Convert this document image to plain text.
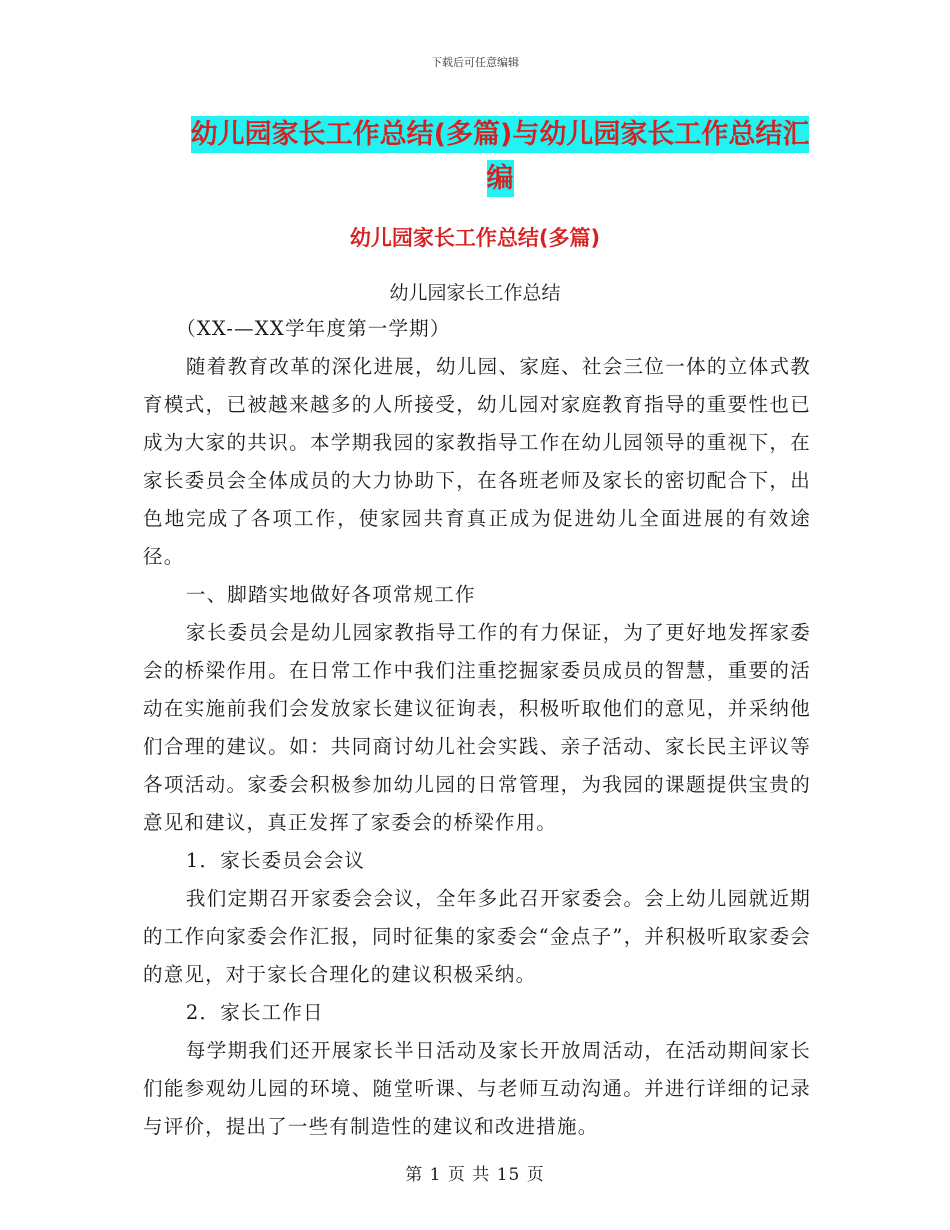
下载后可任意编辑
幼儿园家长工作总结(多篇)与幼儿园家长工作总结汇
编
幼儿园家长工作总结(多篇)
幼儿园家长工作总结

（XX-—XX学年度第一学期）

随着教育改革的深化进展，幼儿园、家庭、社会三位一体的立体式教育模式，已被越来越多的人所接受，幼儿园对家庭教育指导的重要性也已成为大家的共识。本学期我园的家教指导工作在幼儿园领导的重视下，在家长委员会全体成员的大力协助下，在各班老师及家长的密切配合下，出色地完成了各项工作，使家园共育真正成为促进幼儿全面进展的有效途径。

一、脚踏实地做好各项常规工作

家长委员会是幼儿园家教指导工作的有力保证，为了更好地发挥家委会的桥梁作用。在日常工作中我们注重挖掘家委员成员的智慧，重要的活动在实施前我们会发放家长建议征询表，积极听取他们的意见，并采纳他们合理的建议。如：共同商讨幼儿社会实践、亲子活动、家长民主评议等各项活动。家委会积极参加幼儿园的日常管理，为我园的课题提供宝贵的意见和建议，真正发挥了家委会的桥梁作用。

1．家长委员会会议

我们定期召开家委会会议，全年多此召开家委会。会上幼儿园就近期的工作向家委会作汇报，同时征集的家委会“金点子”，并积极听取家委会的意见，对于家长合理化的建议积极采纳。

2．家长工作日

每学期我们还开展家长半日活动及家长开放周活动，在活动期间家长们能参观幼儿园的环境、随堂听课、与老师互动沟通。并进行详细的记录与评价，提出了一些有制造性的建议和改进措施。

第 1 页 共 15 页
